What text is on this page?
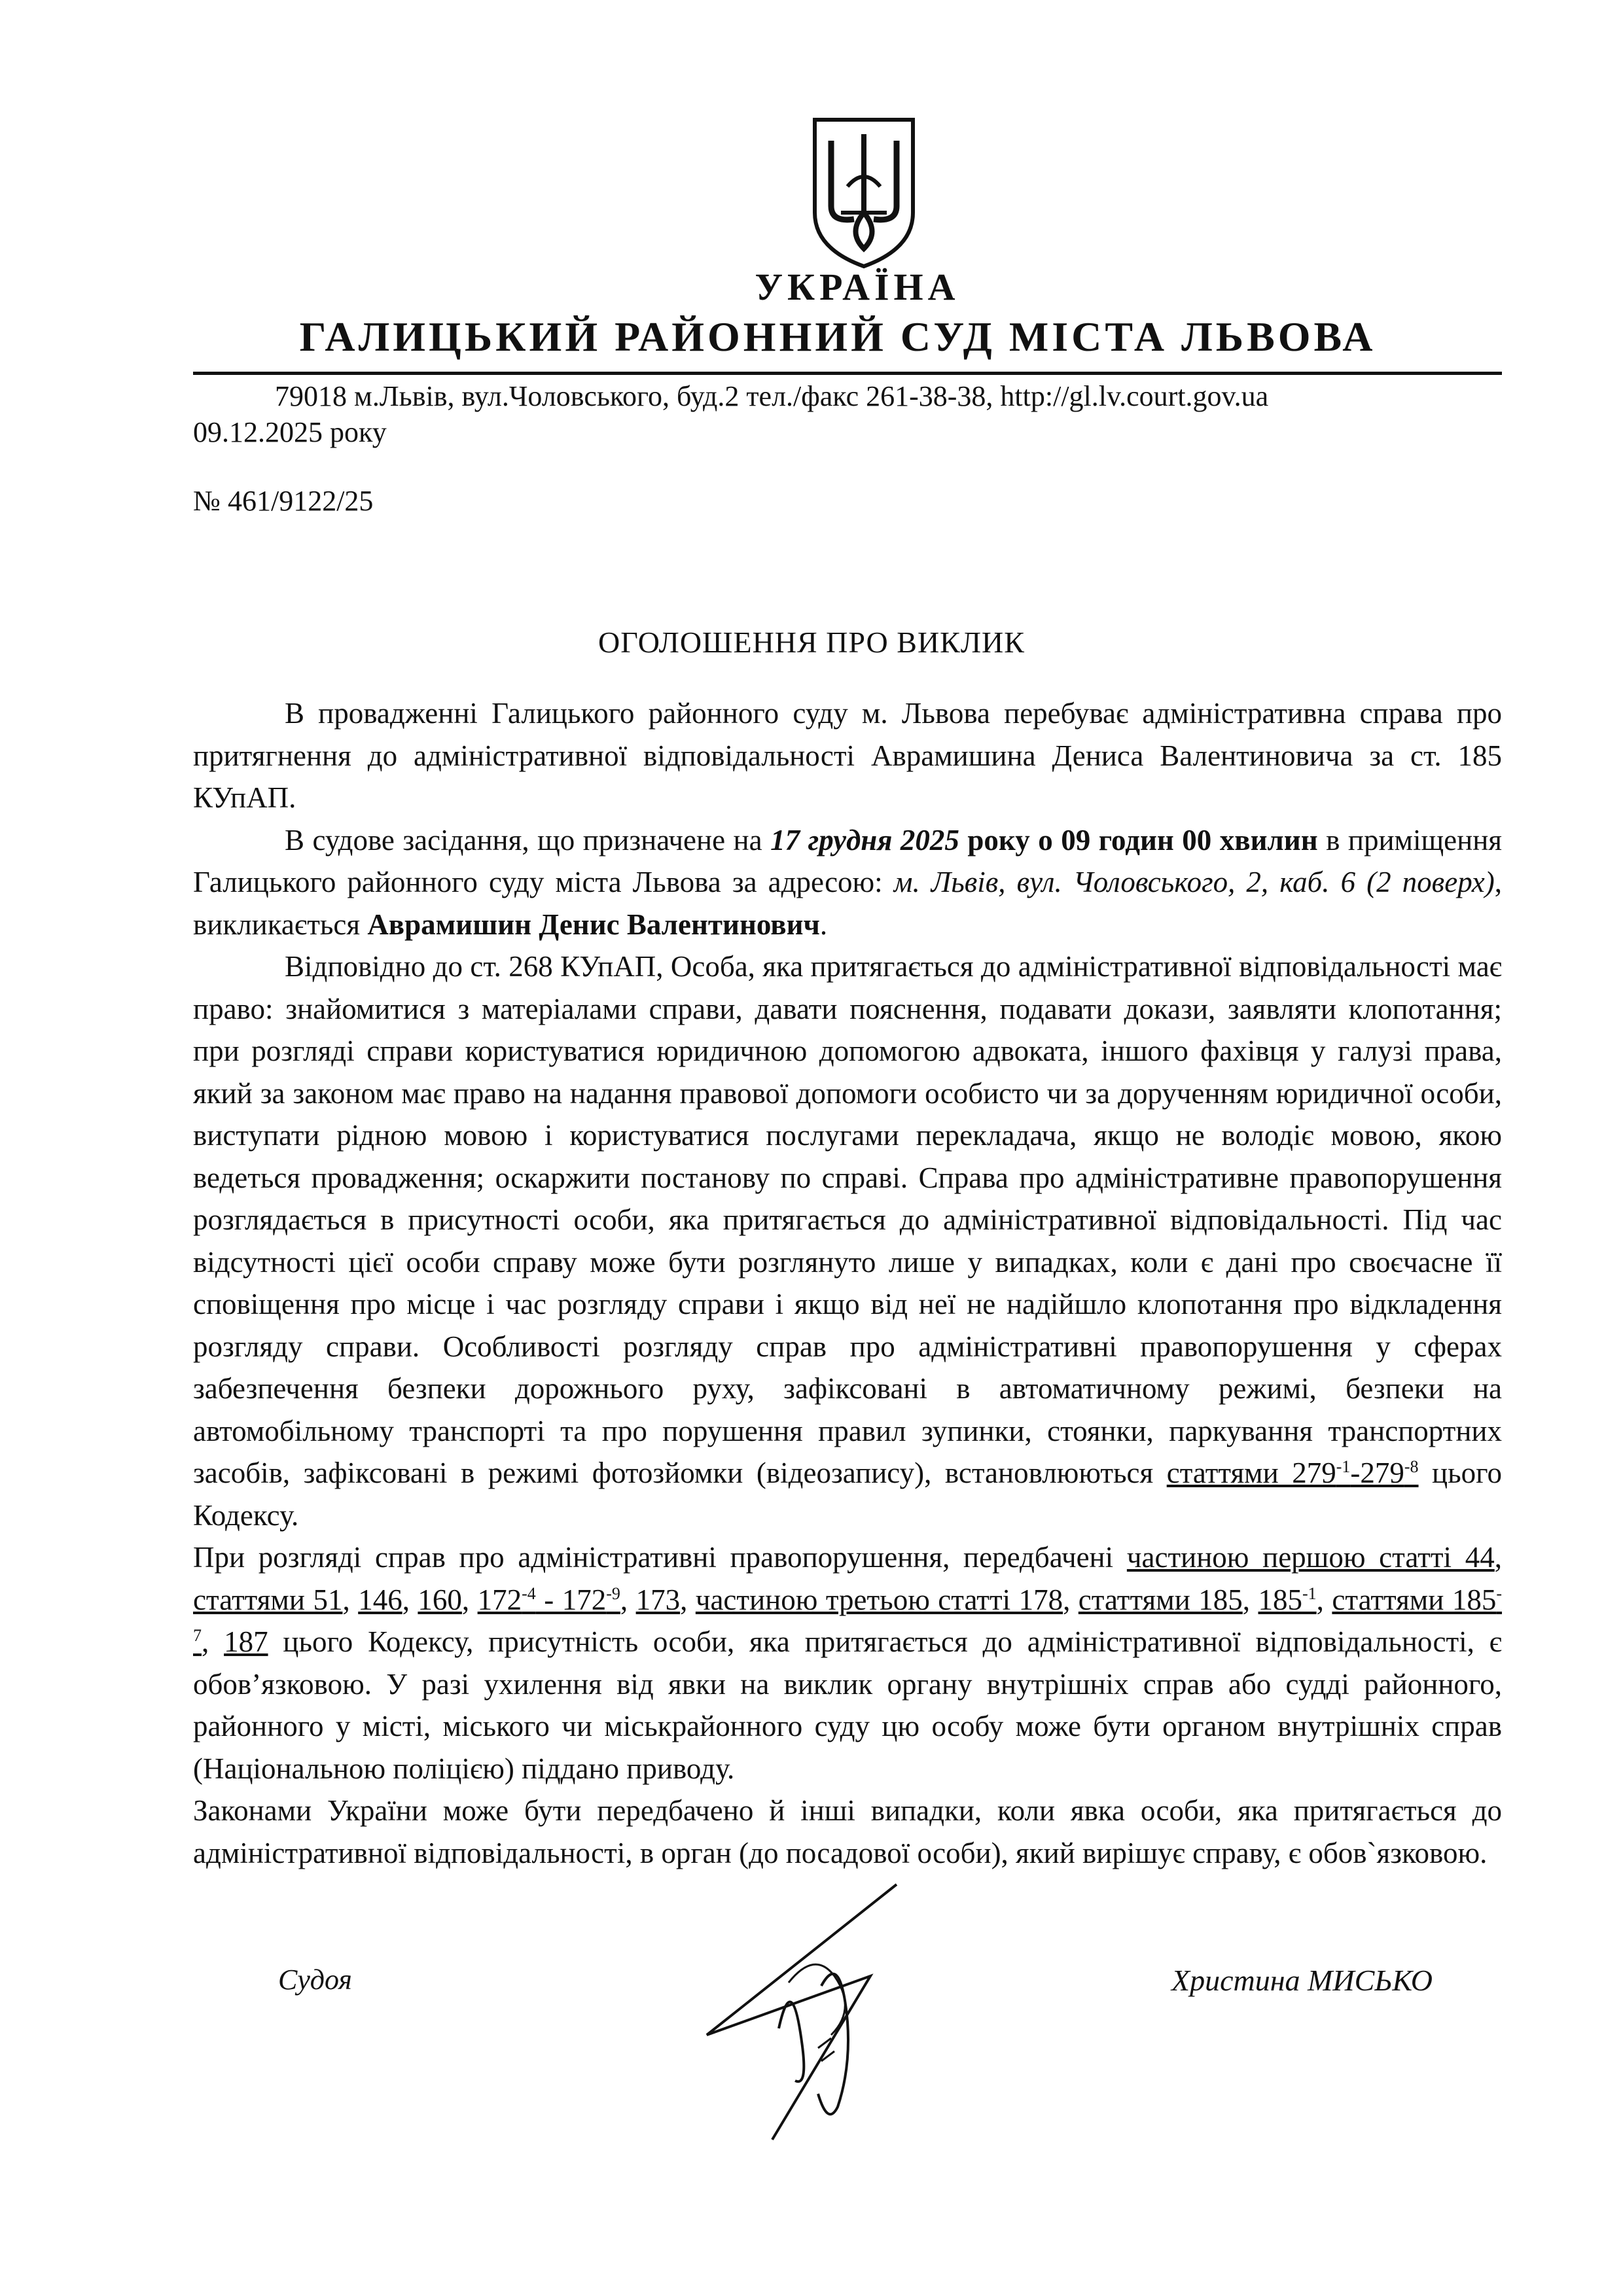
УКРАЇНА
ГАЛИЦЬКИЙ РАЙОННИЙ СУД МІСТА ЛЬВОВА
79018 м.Львів, вул.Чоловського, буд.2 тел./факс 261-38-38, http://gl.lv.court.gov.ua
09.12.2025 року
№ 461/9122/25
ОГОЛОШЕННЯ ПРО ВИКЛИК

В провадженні Галицького районного суду м. Львова перебуває адміністративна справа про притягнення до адміністративної відповідальності Аврамишина Дениса Валентиновича за ст. 185 КУпАП.

В судове засідання, що призначене на 17 грудня 2025 року о 09 годин 00 хвилин в приміщення Галицького районного суду міста Львова за адресою: м. Львів, вул. Чоловського, 2, каб. 6 (2 поверх), викликається Аврамишин Денис Валентинович.

Відповідно до ст. 268 КУпАП, Особа, яка притягається до адміністративної відповідальності має право: знайомитися з матеріалами справи, давати пояснення, подавати докази, заявляти клопотання; при розгляді справи користуватися юридичною допомогою адвоката, іншого фахівця у галузі права, який за законом має право на надання правової допомоги особисто чи за дорученням юридичної особи, виступати рідною мовою і користуватися послугами перекладача, якщо не володіє мовою, якою ведеться провадження; оскаржити постанову по справі. Справа про адміністративне правопорушення розглядається в присутності особи, яка притягається до адміністративної відповідальності. Під час відсутності цієї особи справу може бути розглянуто лише у випадках, коли є дані про своєчасне її сповіщення про місце і час розгляду справи і якщо від неї не надійшло клопотання про відкладення розгляду справи. Особливості розгляду справ про адміністративні правопорушення у сферах забезпечення безпеки дорожнього руху, зафіксовані в автоматичному режимі, безпеки на автомобільному транспорті та про порушення правил зупинки, стоянки, паркування транспортних засобів, зафіксовані в режимі фотозйомки (відеозапису), встановлюються статтями $279^{-1}-279^{-8}$ цього Кодексу.

При розгляді справ про адміністративні правопорушення, передбачені частиною першою статті 44, статтями 51, 146, 160, $172^{-4} - 172^{-9}$, 173, частиною третьою статті 178, статтями 185, $185^{-1}$, статтями $185^{-7}$, 187 цього Кодексу, присутність особи, яка притягається до адміністративної відповідальності, є обов’язковою. У разі ухилення від явки на виклик органу внутрішніх справ або судді районного, районного у місті, міського чи міськрайонного суду цю особу може бути органом внутрішніх справ (Національною поліцією) піддано приводу.

Законами України може бути передбачено й інші випадки, коли явка особи, яка притягається до адміністративної відповідальності, в орган (до посадової особи), який вирішує справу, є обов`язковою.

Судоя	Христина МИСЬКО
